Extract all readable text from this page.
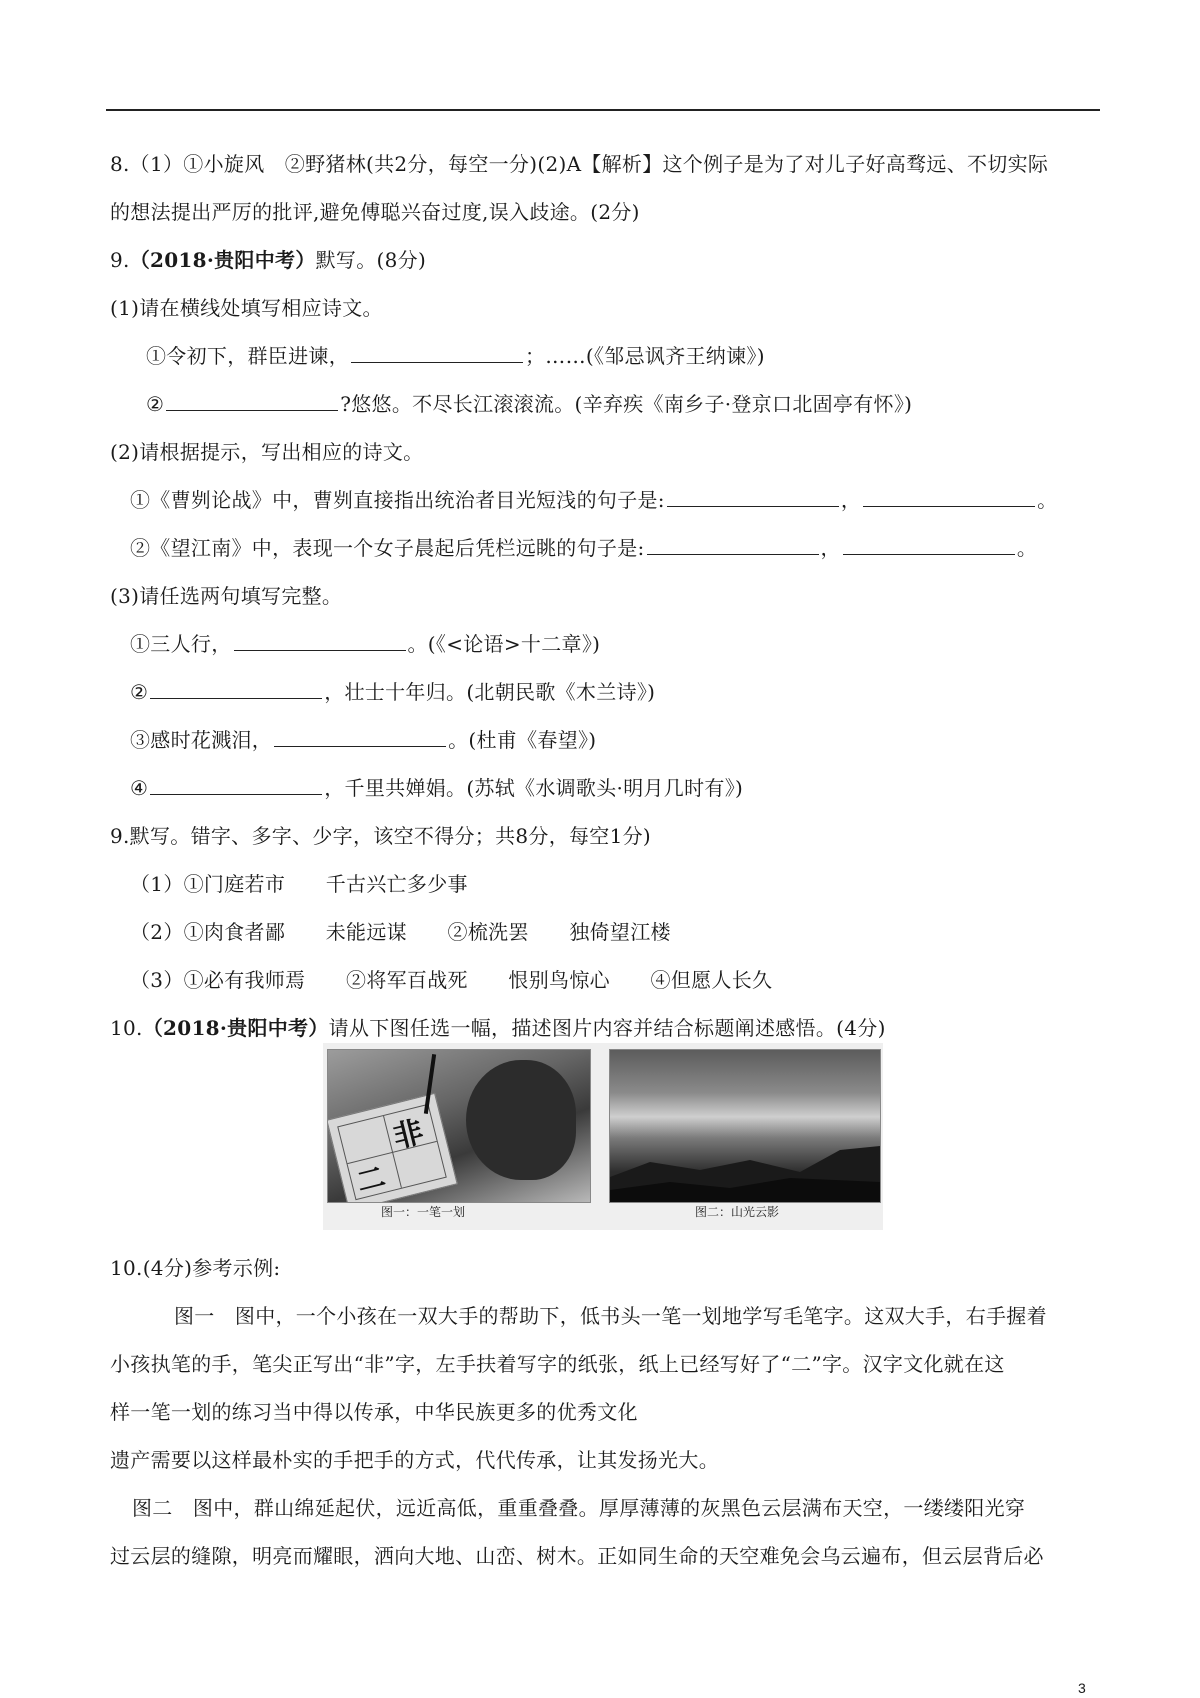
8.（1）①小旋风　②野猪林(共2分，每空一分)(2)A【解析】这个例子是为了对儿子好高骛远、不切实际
的想法提出严厉的批评,避免傅聪兴奋过度,误入歧途。(2分)
9.（2018·贵阳中考）默写。(8分)
(1)请在横线处填写相应诗文。
①令初下，群臣进谏，	；……(《邹忌讽齐王纳谏》)
②	?悠悠。不尽长江滚滚流。(辛弃疾《南乡子·登京口北固亭有怀》)
(2)请根据提示，写出相应的诗文。
①《曹刿论战》中，曹刿直接指出统治者目光短浅的句子是:	，	。
②《望江南》中，表现一个女子晨起后凭栏远眺的句子是:	，	。
(3)请任选两句填写完整。
①三人行，	。(《<论语>十二章》)
②	，壮士十年归。(北朝民歌《木兰诗》)
③感时花溅泪，	。(杜甫《春望》)
④	，千里共婵娟。(苏轼《水调歌头·明月几时有》)
9.默写。错字、多字、少字，该空不得分；共8分，每空1分)
（1）①门庭若市　　千古兴亡多少事
（2）①肉食者鄙　　未能远谋　　②梳洗罢　　独倚望江楼
（3）①必有我师焉　　②将军百战死　　恨别鸟惊心　　④但愿人长久
10.（2018·贵阳中考）请从下图任选一幅，描述图片内容并结合标题阐述感悟。(4分)
非
二
图一：一笔一划	图二：山光云影
10.(4分)参考示例:
图一　图中，一个小孩在一双大手的帮助下，低书头一笔一划地学写毛笔字。这双大手，右手握着
小孩执笔的手，笔尖正写出“非”字，左手扶着写字的纸张，纸上已经写好了“二”字。汉字文化就在这
样一笔一划的练习当中得以传承，中华民族更多的优秀文化
遗产需要以这样最朴实的手把手的方式，代代传承，让其发扬光大。
图二　图中，群山绵延起伏，远近高低，重重叠叠。厚厚薄薄的灰黑色云层满布天空，一缕缕阳光穿
过云层的缝隙，明亮而耀眼，洒向大地、山峦、树木。正如同生命的天空难免会乌云遍布，但云层背后必
3
